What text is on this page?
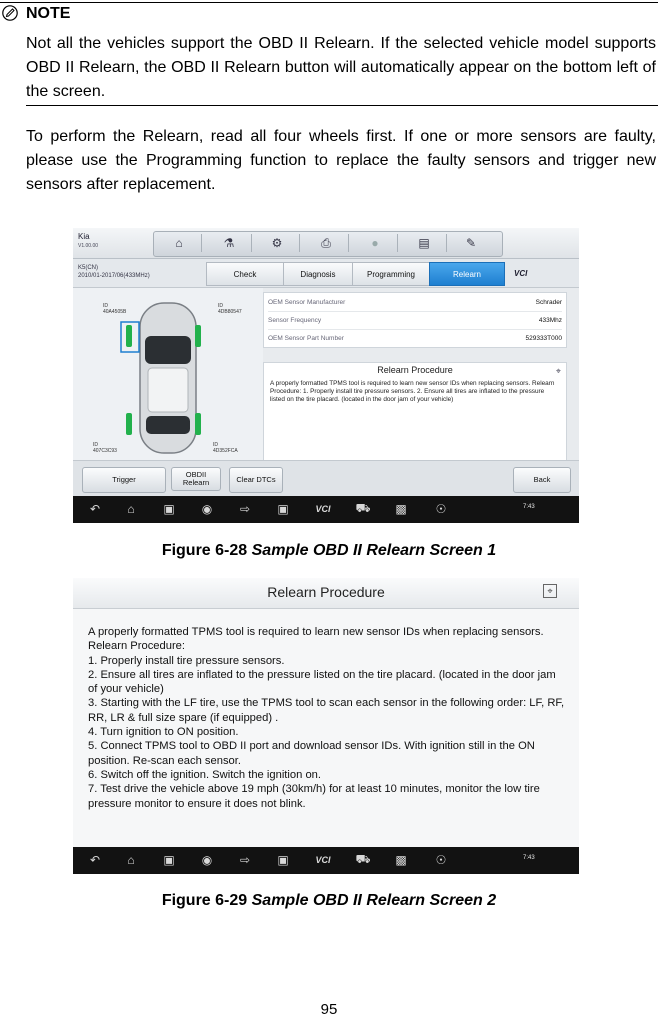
NOTE
Not all the vehicles support the OBD II Relearn. If the selected vehicle model supports OBD II Relearn, the OBD II Relearn button will automatically appear on the bottom left of the screen.
To perform the Relearn, read all four wheels first. If one or more sensors are faulty, please use the Programming function to replace the faulty sensors and trigger new sensors after replacement.
Kia
V1.00.00	⌂	⚗	⚙	⎙	●	▤	✎
K5(CN)
2010/01-2017/06(433MHz)	Check	Diagnosis	Programming	Relearn	VCI
ID
40A4505B
ID
4DB80547
ID
407C3C93
ID
4D352FCA
OEM Sensor Manufacturer	Schrader
Sensor Frequency	433Mhz
OEM Sensor Part Number	529333T000
Relearn Procedure	⌖
A properly formatted TPMS tool is required to learn new sensor IDs when replacing sensors. Relearn Procedure: 1. Properly install tire pressure sensors. 2. Ensure all tires are inflated to the pressure listed on the tire placard. (located in the door jam of your vehicle)
Trigger
OBDII Relearn	Clear DTCs	Back
↶	⌂	▣	◉	⇨	▣	VCI ⛟	▩	☉	7:43
Figure 6-28 Sample OBD II Relearn Screen 1
Relearn Procedure	⌖
A properly formatted TPMS tool is required to learn new sensor IDs when replacing sensors.
Relearn Procedure:
1. Properly install tire pressure sensors.
2. Ensure all tires are inflated to the pressure listed on the tire placard. (located in the door jam of your vehicle)
3. Starting with the LF tire, use the TPMS tool to scan each sensor in the following order: LF, RF, RR, LR & full size spare (if equipped) .
4. Turn ignition to ON position.
5. Connect TPMS tool to OBD II port and download sensor IDs. With ignition still in the ON position. Re-scan each sensor.
6. Switch off the ignition. Switch the ignition on.
7. Test drive the vehicle above 19 mph (30km/h) for at least 10 minutes, monitor the low tire pressure monitor to ensure it does not blink.
↶	⌂	▣	◉	⇨	▣	VCI ⛟	▩	☉	7:43
Figure 6-29 Sample OBD II Relearn Screen 2
95
